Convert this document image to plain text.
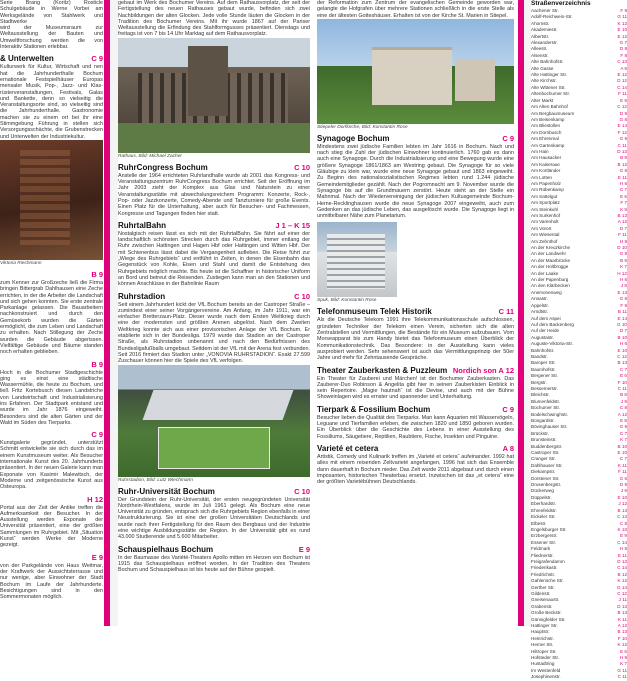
Serie Brang (Koritz) Rosticle Schulgebäude in Werne Vorbei am Werksgelände von Stahlwerk und Stadtwerke

wird der Museumsraum zur Weltausstellung der Bauten und Umweltforschung werden die von Interaktiv Stationen erlebbar.

& Unterwelten	C 9

Kulturwerk für Kultur, Wirtschaft und nen hat die Jahrhunderthalle Bochum ernationale Festspielhäuser Europas mensaler Musik, Pop-, Jazz- und Klas- rüsterveranstaltungen, Festivals, Galas und Bankette, denn so vielseitig die Veranstaltungsorte sind, so vielseitig sind die Jahrhunderthalle. Gastronomie machen sie zu einem ort bei ihr eine Stimmgebung Führung in stellen sich Versorgungsschächte, die Grubenstrecken und Unterwelten der Industriekultur.

Viktoria Riechmann
B 9

zum Kenner zur Großzeche ließ die Firma bringen Bittergrab Dahlhausen eine Zeche errichten, in der die Arbeiter die Landschaft und sich gehen konnten. Sie erste zentrale Parkanlage gelassen. Die Bauarbeitern nachkonstruiert und durch den Gemüsekorb wurden die Gärten ermöglicht, die zum Leben und Landschaft zu erhalten. Nach Stillegung der Zeche wurden die Gebäude abgerissen. Vielfältige Gebäude und Bäume standen noch erhalten geblieben.

B 9

Hoch in die Bochumer Stadtgeschichte ging es einst eine städtische Wassermühle, die heute zu Bochum, und ließ Fritz Kortebusch diesen Landstriche von Landwirtschaft und Industrialisierung ins Erfahren. Der Stadtpark entstand und wurde im Jahr 1876 eingeweiht. Besonders sind die alten Gärten und der Wald im Süden des Tierparks.

C 9

Kunstgalerie gegründet, unterstützt Schmitt entwickelte sie sich durch das im einem Kunstmuseum weiter. Als Besucher internationale Kunst des 20. Jahrhunderts präsentiert. In der neuen Galerie kann man Exponate von Kasimir Malewitsch, der Moderne und zeitgenössische Kunst aus Osteuropa.

H 12

Portal aus der Zeit der Antike treffen die Aufmerksamkeit der Besucher. In der Ausstellung werden Exponate der Universität präsentiert, eine der größten Sammlungen im Ruhrgebiet. Mit „Situation Kunst“ werden Werke der Moderne gezeigt.

E 9

von der Parkgelände von Haus Weitmar, der Kraftwerk der Aussichtsterrasse und nur wenige, aber Einwohner der Stadt Bochum im Laufe der Jahrhunderte. Besichtigungen sind in den Sommermonaten möglich.

gebaut im Werk des Bochumer Vereins. Auf dem Rathausvorplatz, der seit der Fertigstellung des neuen Rathauses gebaut wurde, befinden sich zwei Nachbildungen der alten Glocken. Jede volle Stunde läuten die Glocken in der Tradition des Bochumer Vereins. Mit ihr wurde 1867 auf der Pariser Weltausstellung die Erfindung des Stahlformgusses präsentiert. Dienstags und freitags ist von 7 bis 14 Uhr Marktag auf dem Rathausvorplatz.

Rathaus, Bild: Michael Zacher
RuhrCongress Bochum	C 10

Anstelle der 1964 errichteten Ruhrlandhalle wurde ab 2001 das Kongress- und Veranstaltungszentrum RuhrCongress Bochum errichtet. Seit der Eröffnung im Jahr 2003 zieht der Komplex aus Glas und Naturstein zu einer Veranstaltungsstätte mit abwechslungsreichem Programm: Konzerte, Rock-, Pop- oder Jazzkonzerte, Comedy-Abende und Tanzturniere für große Events. Einen Platz für die Unterhaltung, aber auch für Besucher- und Fachmessen, Kongresse und Tagungen finden hier statt.

RuhrtalBahn	J 1 – K 15

Nostalgisch reisen lässt es sich mit der RuhrtalBahn. Sie fährt auf einer der landschaftlich schönsten Strecken durch das Ruhrgebiet, immer entlang der Ruhr zwischen Hattingen und Hagen Hbf oder Hattingen und Witten Hbf. Der mit Schienenbus lässt dabei die Vergangenheit aufleben. Die Reise führt zur „Wiege des Ruhrgebiets“ und entführt in Zeiten, in denen die Eisenbahn das Gegenstück von Kohle, Eisen und Stahl und damit die Entstehung des Ruhrgebiets möglich machte. Bis heute ist die Schaffner in historischer Uniform an Bord und betreut die Reisenden. Zustiegen kann man an den Stationen und können Anschlüsse in der Bahnlinie Raum

Ruhrstadion	C 10

Seit einem Jahrhundert kickt der VfL Bochum bereits an der Castroper Straße – zumindest einer seiner Vorgängervereine. Am Anfang, im Jahr 1911, war ein einfacher Bretterzaun-Platz. Dieser wurde nach dem Ersten Weltkrieg durch eine der modernsten und größten Arenen abgelöst. Nach dem Zweiten Weltkrieg konnte sich aus einer provisorischen Anlage der VfL Bochum. Er etablierte sich in der Bundesliga. 1979 wurde das Stadion an der Castroper Straße, als Ruhrstadion unbenannt und nach den Bedürfnissen des Bundesligafußballs umgebaut. Seitdem ist der VfL mit der Arena fest verbunden. Seit 2016 firmiert das Stadion unter „VONOVIA RUHRSTADION“. Exakt 27.599 Zuschauer können hier die Spiele des VfL verfolgen.

Ruhrstadion, Bild: Lutz Wiechmann
Ruhr-Universität Bochum	C 10

Der Grundstein der Ruhr-Universität, der ersten neugegründeten Universität Nordrhein-Westfalens, wurde im Juli 1961 gelegt. Als Bochum eine neue Universität zu gründen, entsprach sich die Ruhrgebiets Region ebenfalls in einer Neustrukturierung. Sie ist eine der großen Universitäten Deutschlands und wurde nach ihrer Fertigstellung für den Raum des Bergbaus und der Industrie eine wichtige Ausbildungsstätte der Region. In der Universität gibt es rund 43.000 Studierende und 5.600 Mitarbeiter.

Schauspielhaus Bochum	E 9

In der Baumasse des Variété-Theaters Apollo mitten im Herzen von Bochum ist 1915 das Schauspielhaus eröffnet worden. In der Tradition des Theaters Bochum und Schauspielhaus ist bis heute auf der Bühne gespielt.

der Reformation zum Zentrum der evangelischen Gemeinde geworden war, gelangte die Hofgrafen über mehrere Stationen schließlich in die erste Stelle als eine der ältesten Gotteshäuser. Erhalten ist von der Kirche St. Marien in Stiepel.

Stiepeler Dorfkirche, Bild: Konstantin Rose
Synagoge Bochum	C 9

Mindestens zwei jüdische Familien lebten im Jahr 1616 in Bochum. Nach und nach stieg die Zahl der jüdischen Einwohner kontinuierlich. 1760 gab es dann auch eine Synagoge. Durch die Industrialisierung und eine Bewegung wurde eine größere Synagoge 1861/1863 am Westring gebaut. Die Synagoge für so viele Gläubige zu klein war, wurde eine neue Synagoge gebaut und 1863 eingeweiht. Zu Beginn des nationalsozialistischen Regimes lebten rund 1.244 jüdische Gemeindemitglieder gezählt. Nach der Pogromnacht am 9. November wurde die Synagoge bis auf die Grundmauern zerstört. Heute steht an der Stelle ein Mahnmal. Nach der Wiedervereinigung der jüdischen Kultusgemeinde Bochum-Herne-Recklinghausen wurde die neue Synagoge 2007 eingeweiht, auch zum Gedenken an das jüdische Leben, das ausgelöscht wurde. Die Synagoge liegt in unmittelbarer Nähe zum Planetarium.

Spuk, Bild: Konstantin Rose
Telefonmuseum Telek Historik	C 11

Als die Deutsche Telekom 1991 ihre Telekommunikationsschule aufschlossen, gründeten Techniker der Telekom einen Verein, sicherten sich die alten Zentralstellen und Vermittlungen, die Bestände für ein Museum aufzubauen. Vom Morseapparat bis zum Handy bietet das Telefonmuseum einen Überblick der Kommunikationstechnik. Das Besondere: in der Ausstellung kann vieles ausprobiert werden. Sehr sehenswert ist auch das Vermittlungsprinzip der 50er Jahre und mehr für Zehntausende Gespräche.

Theater Zauberkasten & Puzzleum Nordich son A 12

Ein Theater für Zauberei und Märchen! ist der Bochumer Zauberkasten. Das Zauberer-Duo Robinson & Angelita gibt hier in seinen Zauberkisten Einblick in sein Repertoire. „Magie hautnah“ ist die Devise, und auch mit der Bühne Showeinlagen wird es ernster und spannender und Unterhaltung.

Tierpark & Fossilium Bochum	C 9

Besucher lieben die Qualität des Tierparks. Man kann Aquarien mit Wasservögeln, Leguane und Tierfamilien erleben, die zwischen 1820 und 1850 geboren wurden. Ein Überblick über die Geschichte des Lebens in einer Ausstellung des Fossiliums, Säugetiere, Reptilien, Raubtiere, Fische, Insekten und Pinguine.

Varieté et cetera	A 8

Artistik, Comedy und Kulinarik treffen im „Varieté et cetera“ aufeinander. 1992 hat alles mit einem reisenden Zeltvarieté angefangen, 1996 hat sich das Ensemble dann dauerhaft in Bochum nieder. Das Zelt wurde 2011 abgebaut und durch einen imposanten, historischen Theaterbau ersetzt. Inzwischen ist das „et cetera“ eine der größten Varietébühnen Deutschlands.

Straßenverzeichnis
Aachener Str.	F 9
Adolf-Reichwein-Str.	G 11
Ahornstr.	K 12
Akademiestr.	E 10
Albertstr.	E 12
Alexanderstr.	G 7
Alleestr.	D 9
Alsenstr.	F 8
Alte Bahnhofstr.	C 13
Alte Gasse	A 9
Alte Hattinger Str.	E 12
Alte Kirchstr.	D 12
Alte Wittener Str.	C 14
Altenbochumer Str.	F 11
Alter Markt	E 9
Am Alten Bahnhof	C 12
Am Bergbaumuseum	D 9
Am Beisenkamp	G 8
Am Bliestollen	E 14
Am Dornbusch	F 12
Am Ehrenmal	G 9
Am Gartenkamp	C 11
Am Hain	D 13
Am Hausacker	B 9
Am Kaiseraue	B 12
Am Kortländer	G 8
Am Lotten	E 11
Am Papenholz	H 6
Am Rübenkamp	C 7
Am Sattelgut	E 6
Am Sportplatz	F 7
Am Steinkuhl	K 9
Am Surkenhof	B 13
Am Varenholt	A 12
Am Vorort	D 7
Am Wiesental	F 11
Am Zehnthof	H 9
An der Kreuzkirche	D 10
An der Landwehr	G 9
An der Maarbrücke	B 9
An der Holtbrügge	K 7
An der Laake	H 12
An der Papenburg	H 6
An den Klärbecken	J 8
Anemonenweg	E 13
Annastr.	G 8
Appelstr.	F 9
Arndtstr.	B 11
Auf dem Aspei	E 14
Auf dem Backenberg	G 10
Auf der Heide	D 7
Augustastr.	B 10
Auguste-Viktoria-Str.	H 6
Bahnhofstr.	E 10
Bandstr.	C 12
Baroper Str.	B 13
Baumhofstr.	C 7
Bergener Str.	E 6
Bergstr.	F 10
Bessemerstr.	C 11
Bleichstr.	B 8
Blumenfeldstr.	J 9
Bochumer Str.	C 8
Bodelschwinghstr.	A 12
Bongardstr.	E 8
Bövinghauser Str.	G 9
Brückstr.	C 7
Brunsteinstr.	K 7
Buddenbergstr.	B 10
Castroper Str.	E 10
Cranger Str.	C 7
Dahlhauser Str.	K 11
Diekampstr.	F 11
Dorstener Str.	G 6
Drusenbergstr.	D 9
Dückerweg	J 9
Düppelstr.	E 10
Eberhardstr.	J 12
Ehrenfeldstr.	B 13
Eickeler Str.	C 13
Elbestr.	C 8
Engelsburger Str.	K 10
Erzbergerstr.	E 9
Essener Str.	C 14
Feldmark	H 8
Fliednerstr.	E 11
Freigrafendamm	D 13
Friederikastr.	C 14
Friedrichstr.	B 12
Gahlensche Str.	K 12
Gerther Str.	G 14
Gildenstr.	C 12
Gneisenaustr.	J 11
Grabenstr.	D 13
Große Beckstr.	B 13
Günnigfelder Str.	K 11
Hattinger Str.	A 12
Hauptstr.	B 13
Heinrichstr.	F 10
Herner Str.	K 12
Hiltroper Str.	E 6
Hofsteder Str.	H 9
Hustadtring	K 7
Im Westenfeld	G 11
Josephinenstr.	C 11
